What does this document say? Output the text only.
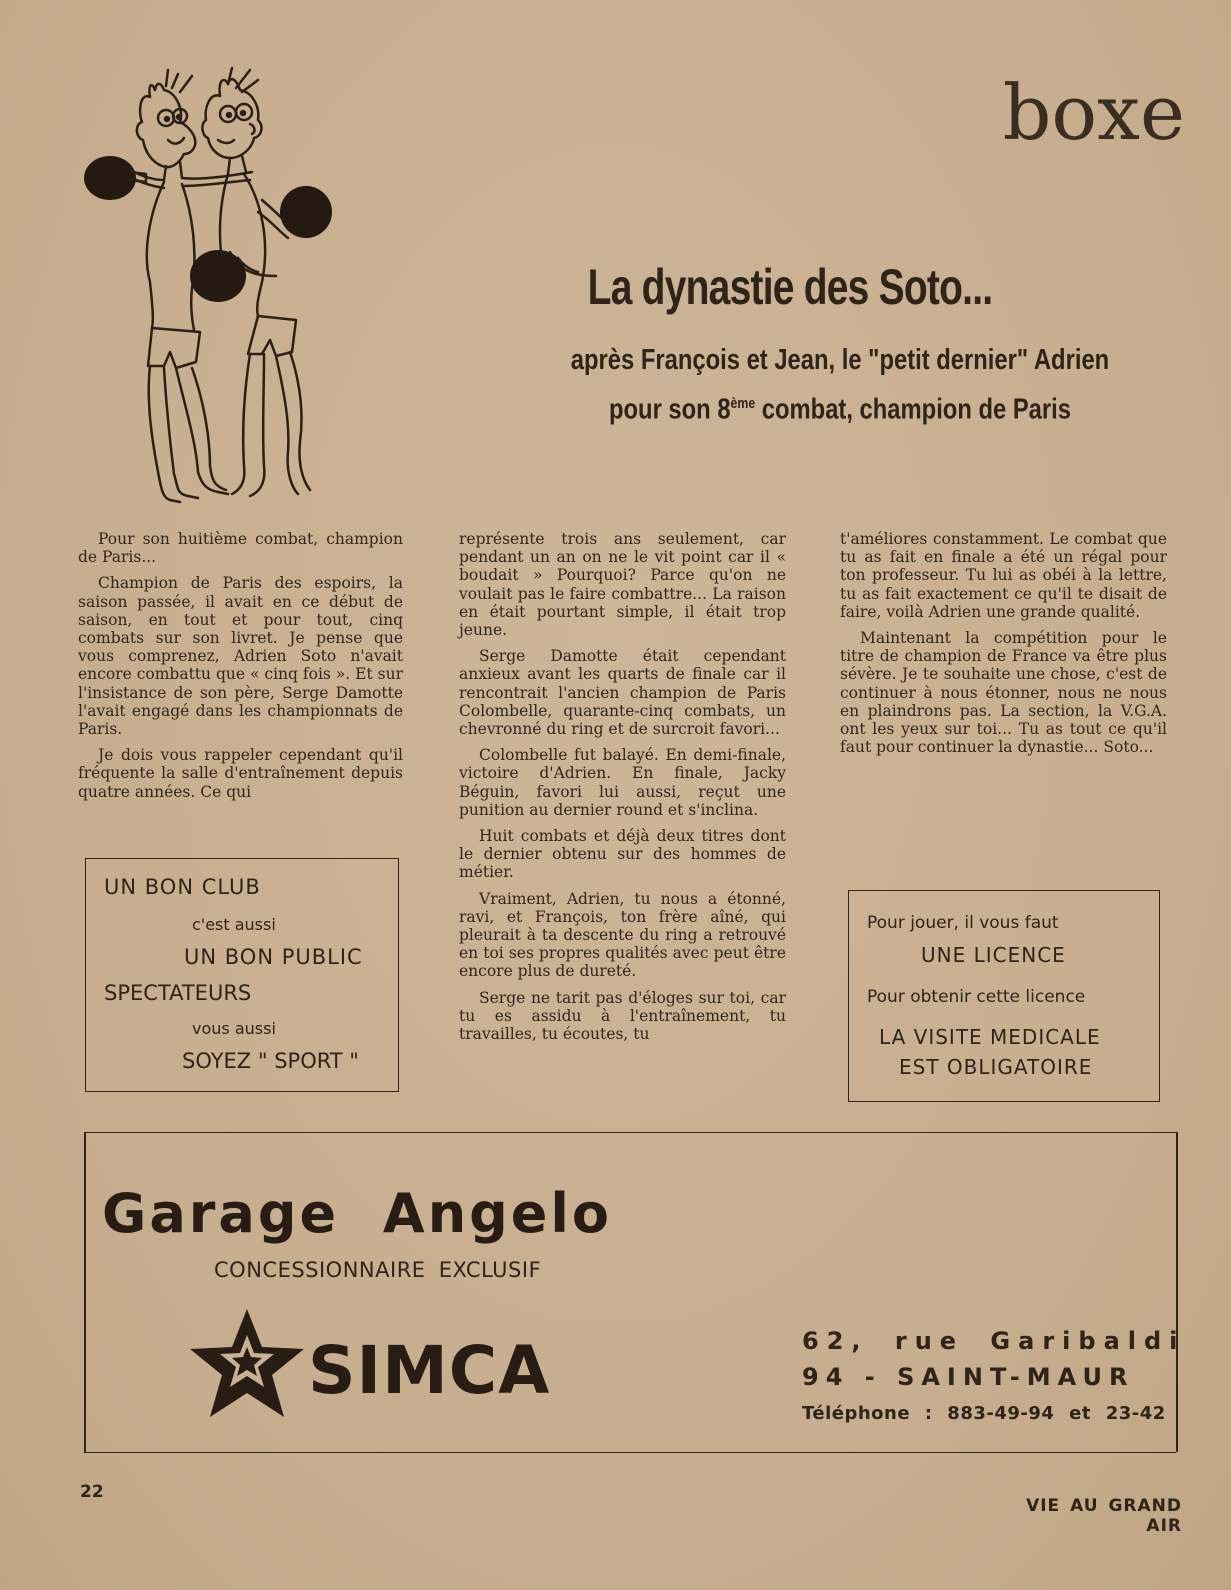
boxe
La dynastie des Soto...
après François et Jean, le "petit dernier" Adrien
pour son 8ème combat, champion de Paris

Pour son huitième combat, champion de Paris...

Champion de Paris des espoirs, la saison passée, il avait en ce début de saison, en tout et pour tout, cinq combats sur son livret. Je pense que vous comprenez, Adrien Soto n'avait encore combattu que « cinq fois ». Et sur l'insistance de son père, Serge Damotte l'avait engagé dans les championnats de Paris.

Je dois vous rappeler cependant qu'il fréquente la salle d'entraînement depuis quatre années. Ce qui

représente trois ans seulement, car pendant un an on ne le vit point car il « boudait » Pourquoi? Parce qu'on ne voulait pas le faire combattre... La raison en était pourtant simple, il était trop jeune.

Serge Damotte était cependant anxieux avant les quarts de finale car il rencontrait l'ancien champion de Paris Colombelle, quarante-cinq combats, un chevronné du ring et de surcroit favori...

Colombelle fut balayé. En demi-finale, victoire d'Adrien. En finale, Jacky Béguin, favori lui aussi, reçut une punition au dernier round et s'inclina.

Huit combats et déjà deux titres dont le dernier obtenu sur des hommes de métier.

Vraiment, Adrien, tu nous a étonné, ravi, et François, ton frère aîné, qui pleurait à ta descente du ring a retrouvé en toi ses propres qualités avec peut être encore plus de dureté.

Serge ne tarit pas d'éloges sur toi, car tu es assidu à l'entraînement, tu travailles, tu écoutes, tu

t'améliores constamment. Le combat que tu as fait en finale a été un régal pour ton professeur. Tu lui as obéi à la lettre, tu as fait exactement ce qu'il te disait de faire, voilà Adrien une grande qualité.

Maintenant la compétition pour le titre de champion de France va être plus sévère. Je te souhaite une chose, c'est de continuer à nous étonner, nous ne nous en plaindrons pas. La section, la V.G.A. ont les yeux sur toi... Tu as tout ce qu'il faut pour continuer la dynastie... Soto...

UN BON CLUB
c'est aussi
UN BON PUBLIC
SPECTATEURS
vous aussi
SOYEZ " SPORT "
Pour jouer, il vous faut
UNE LICENCE
Pour obtenir cette licence
LA VISITE MEDICALE
EST OBLIGATOIRE
Garage Angelo
CONCESSIONNAIRE EXCLUSIF
SIMCA	62, rue Garibaldi
94 - SAINT-MAUR
Téléphone : 883-49-94 et 23-42
22
VIE AU GRAND AIR
